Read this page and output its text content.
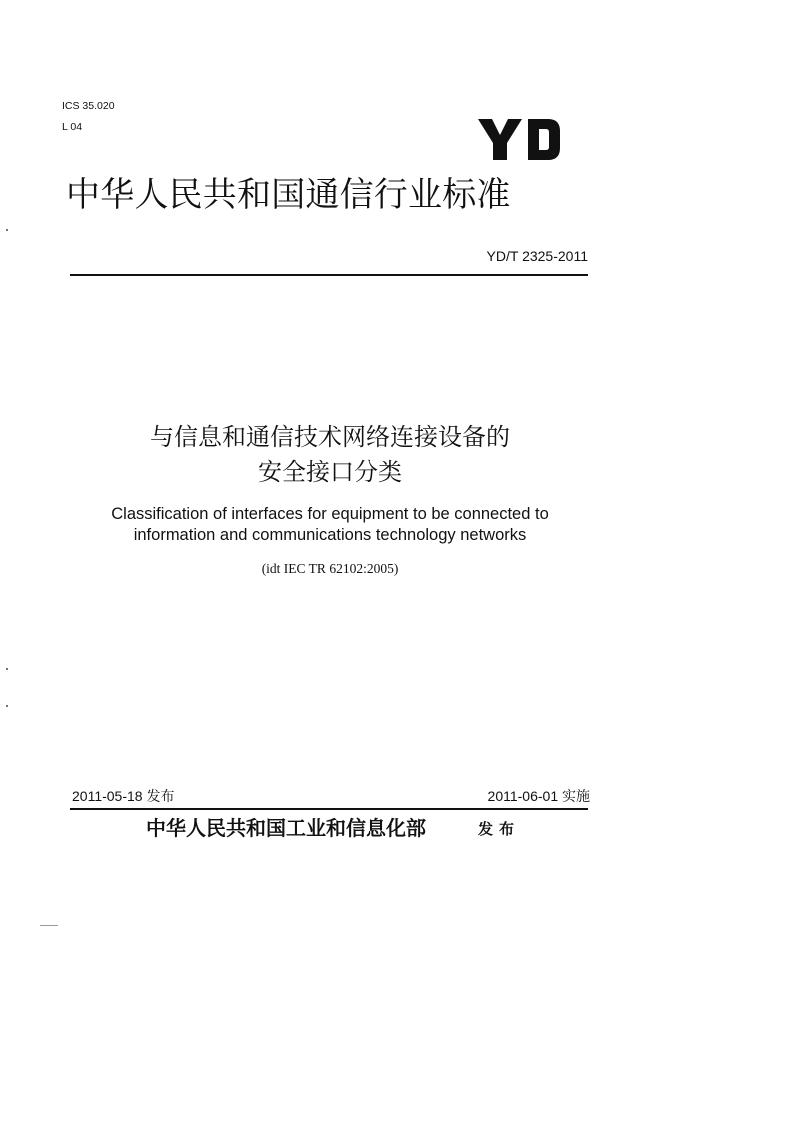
ICS 35.020
L 04
中华人民共和国通信行业标准
YD/T 2325-2011
与信息和通信技术网络连接设备的
安全接口分类
Classification of interfaces for equipment to be connected to
information and communications technology networks
(idt IEC TR 62102:2005)
2011-05-18 发布	2011-06-01 实施
中华人民共和国工业和信息化部	发布
